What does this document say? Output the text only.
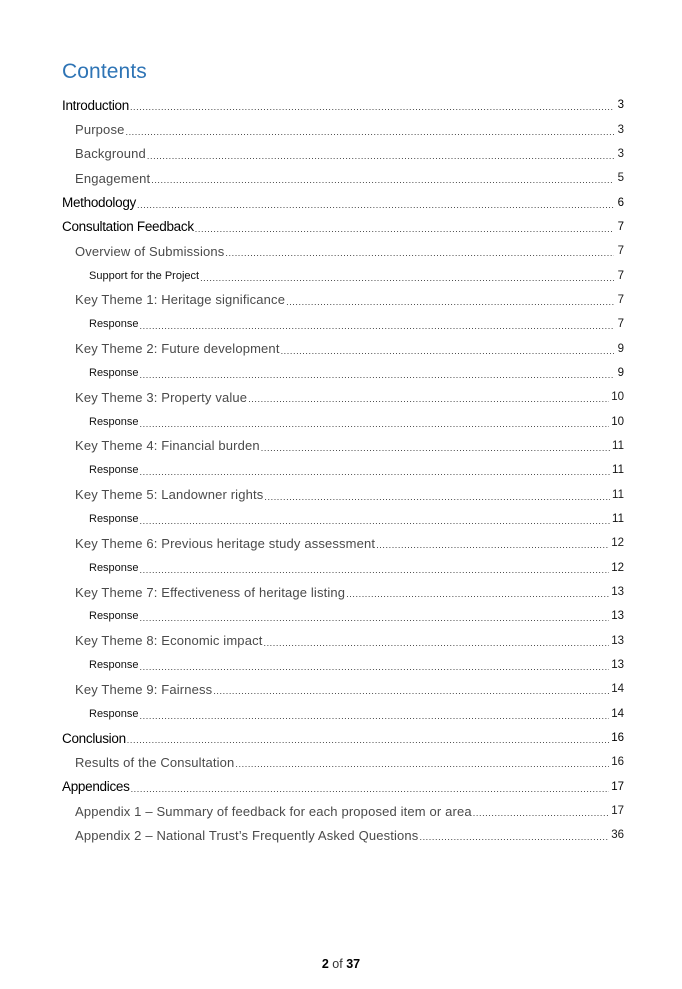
Contents
Introduction .....	3
Purpose .....	3
Background .....	3
Engagement .....	5
Methodology .....	6
Consultation Feedback .....	7
Overview of Submissions .....	7
Support for the Project .....	7
Key Theme 1: Heritage significance .....	7
Response .....	7
Key Theme 2: Future development .....	9
Response .....	9
Key Theme 3: Property value .....	10
Response .....	10
Key Theme 4: Financial burden .....	11
Response .....	11
Key Theme 5: Landowner rights .....	11
Response .....	11
Key Theme 6: Previous heritage study assessment .....	12
Response .....	12
Key Theme 7: Effectiveness of heritage listing .....	13
Response .....	13
Key Theme 8: Economic impact .....	13
Response .....	13
Key Theme 9: Fairness .....	14
Response .....	14
Conclusion .....	16
Results of the Consultation .....	16
Appendices .....	17
Appendix 1 – Summary of feedback for each proposed item or area .....	17
Appendix 2 – National Trust’s Frequently Asked Questions .....	36
2 of 37
